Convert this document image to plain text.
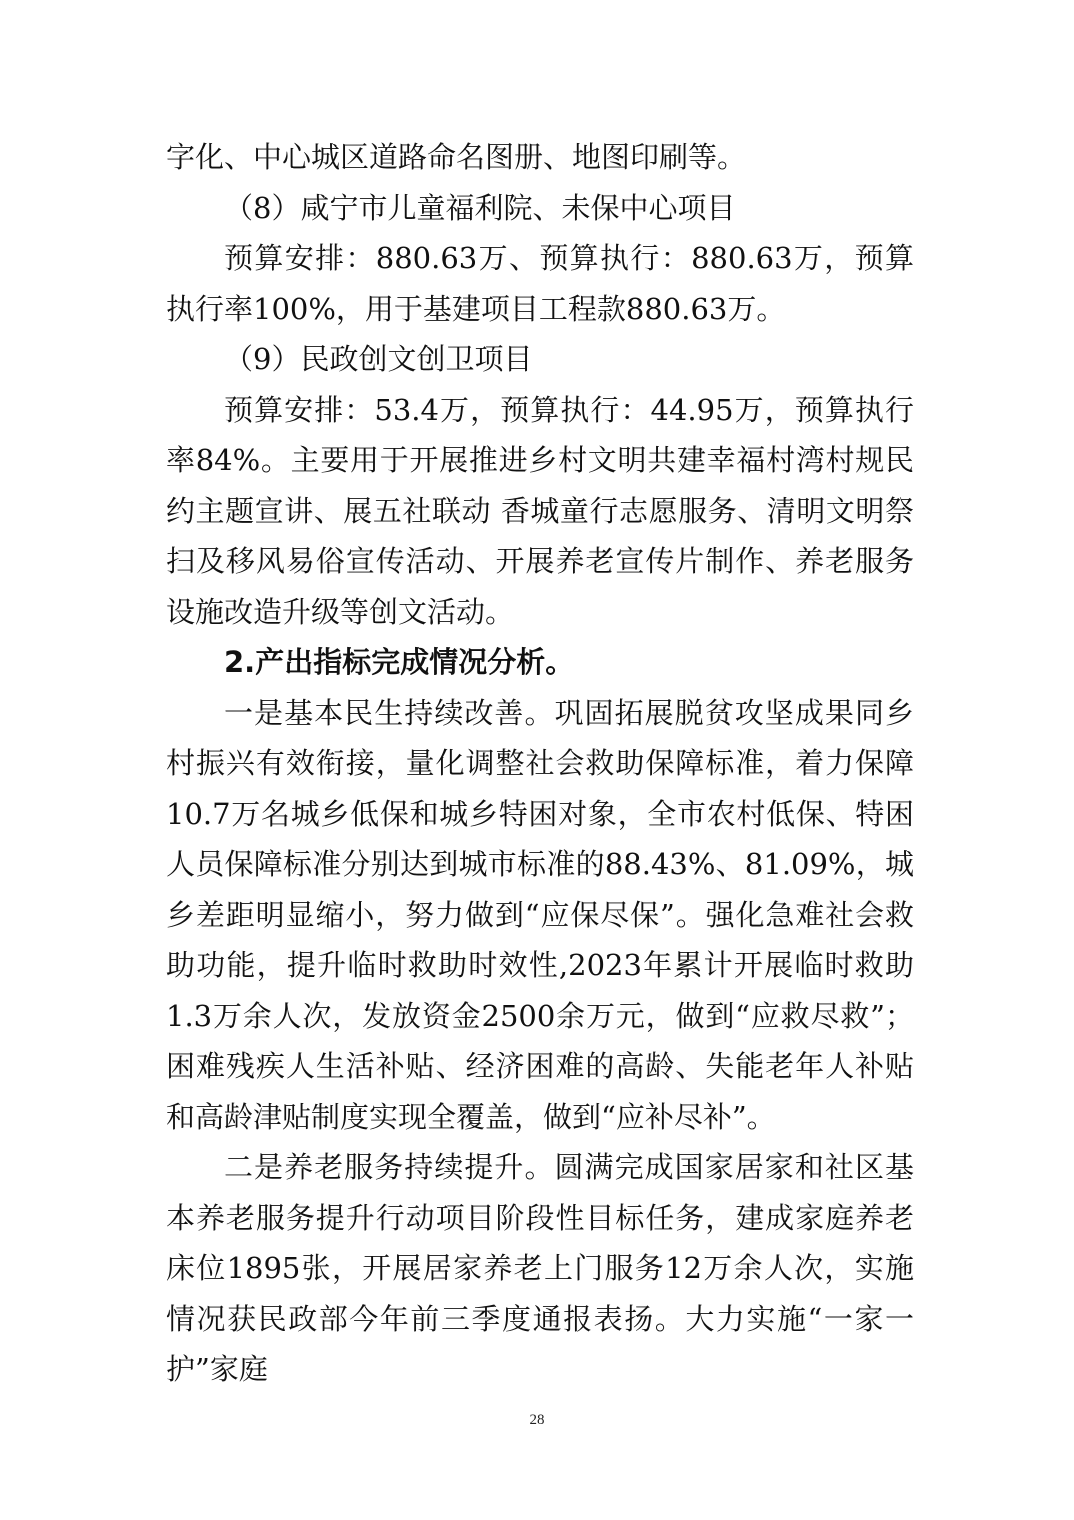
字化、中心城区道路命名图册、地图印刷等。

（8）咸宁市儿童福利院、未保中心项目

预算安排：880.63万、预算执行：880.63万，预算执行率100%，用于基建项目工程款880.63万。

（9）民政创文创卫项目

预算安排：53.4万，预算执行：44.95万，预算执行率84%。主要用于开展推进乡村文明共建幸福村湾村规民约主题宣讲、展五社联动 香城童行志愿服务、清明文明祭扫及移风易俗宣传活动、开展养老宣传片制作、养老服务设施改造升级等创文活动。

2.产出指标完成情况分析。

一是基本民生持续改善。巩固拓展脱贫攻坚成果同乡村振兴有效衔接，量化调整社会救助保障标准，着力保障10.7万名城乡低保和城乡特困对象，全市农村低保、特困人员保障标准分别达到城市标准的88.43%、81.09%，城乡差距明显缩小，努力做到“应保尽保”。强化急难社会救助功能，提升临时救助时效性,2023年累计开展临时救助1.3万余人次，发放资金2500余万元，做到“应救尽救”；困难残疾人生活补贴、经济困难的高龄、失能老年人补贴和高龄津贴制度实现全覆盖，做到“应补尽补”。

二是养老服务持续提升。圆满完成国家居家和社区基本养老服务提升行动项目阶段性目标任务，建成家庭养老床位1895张，开展居家养老上门服务12万余人次，实施情况获民政部今年前三季度通报表扬。大力实施“一家一护”家庭

28
